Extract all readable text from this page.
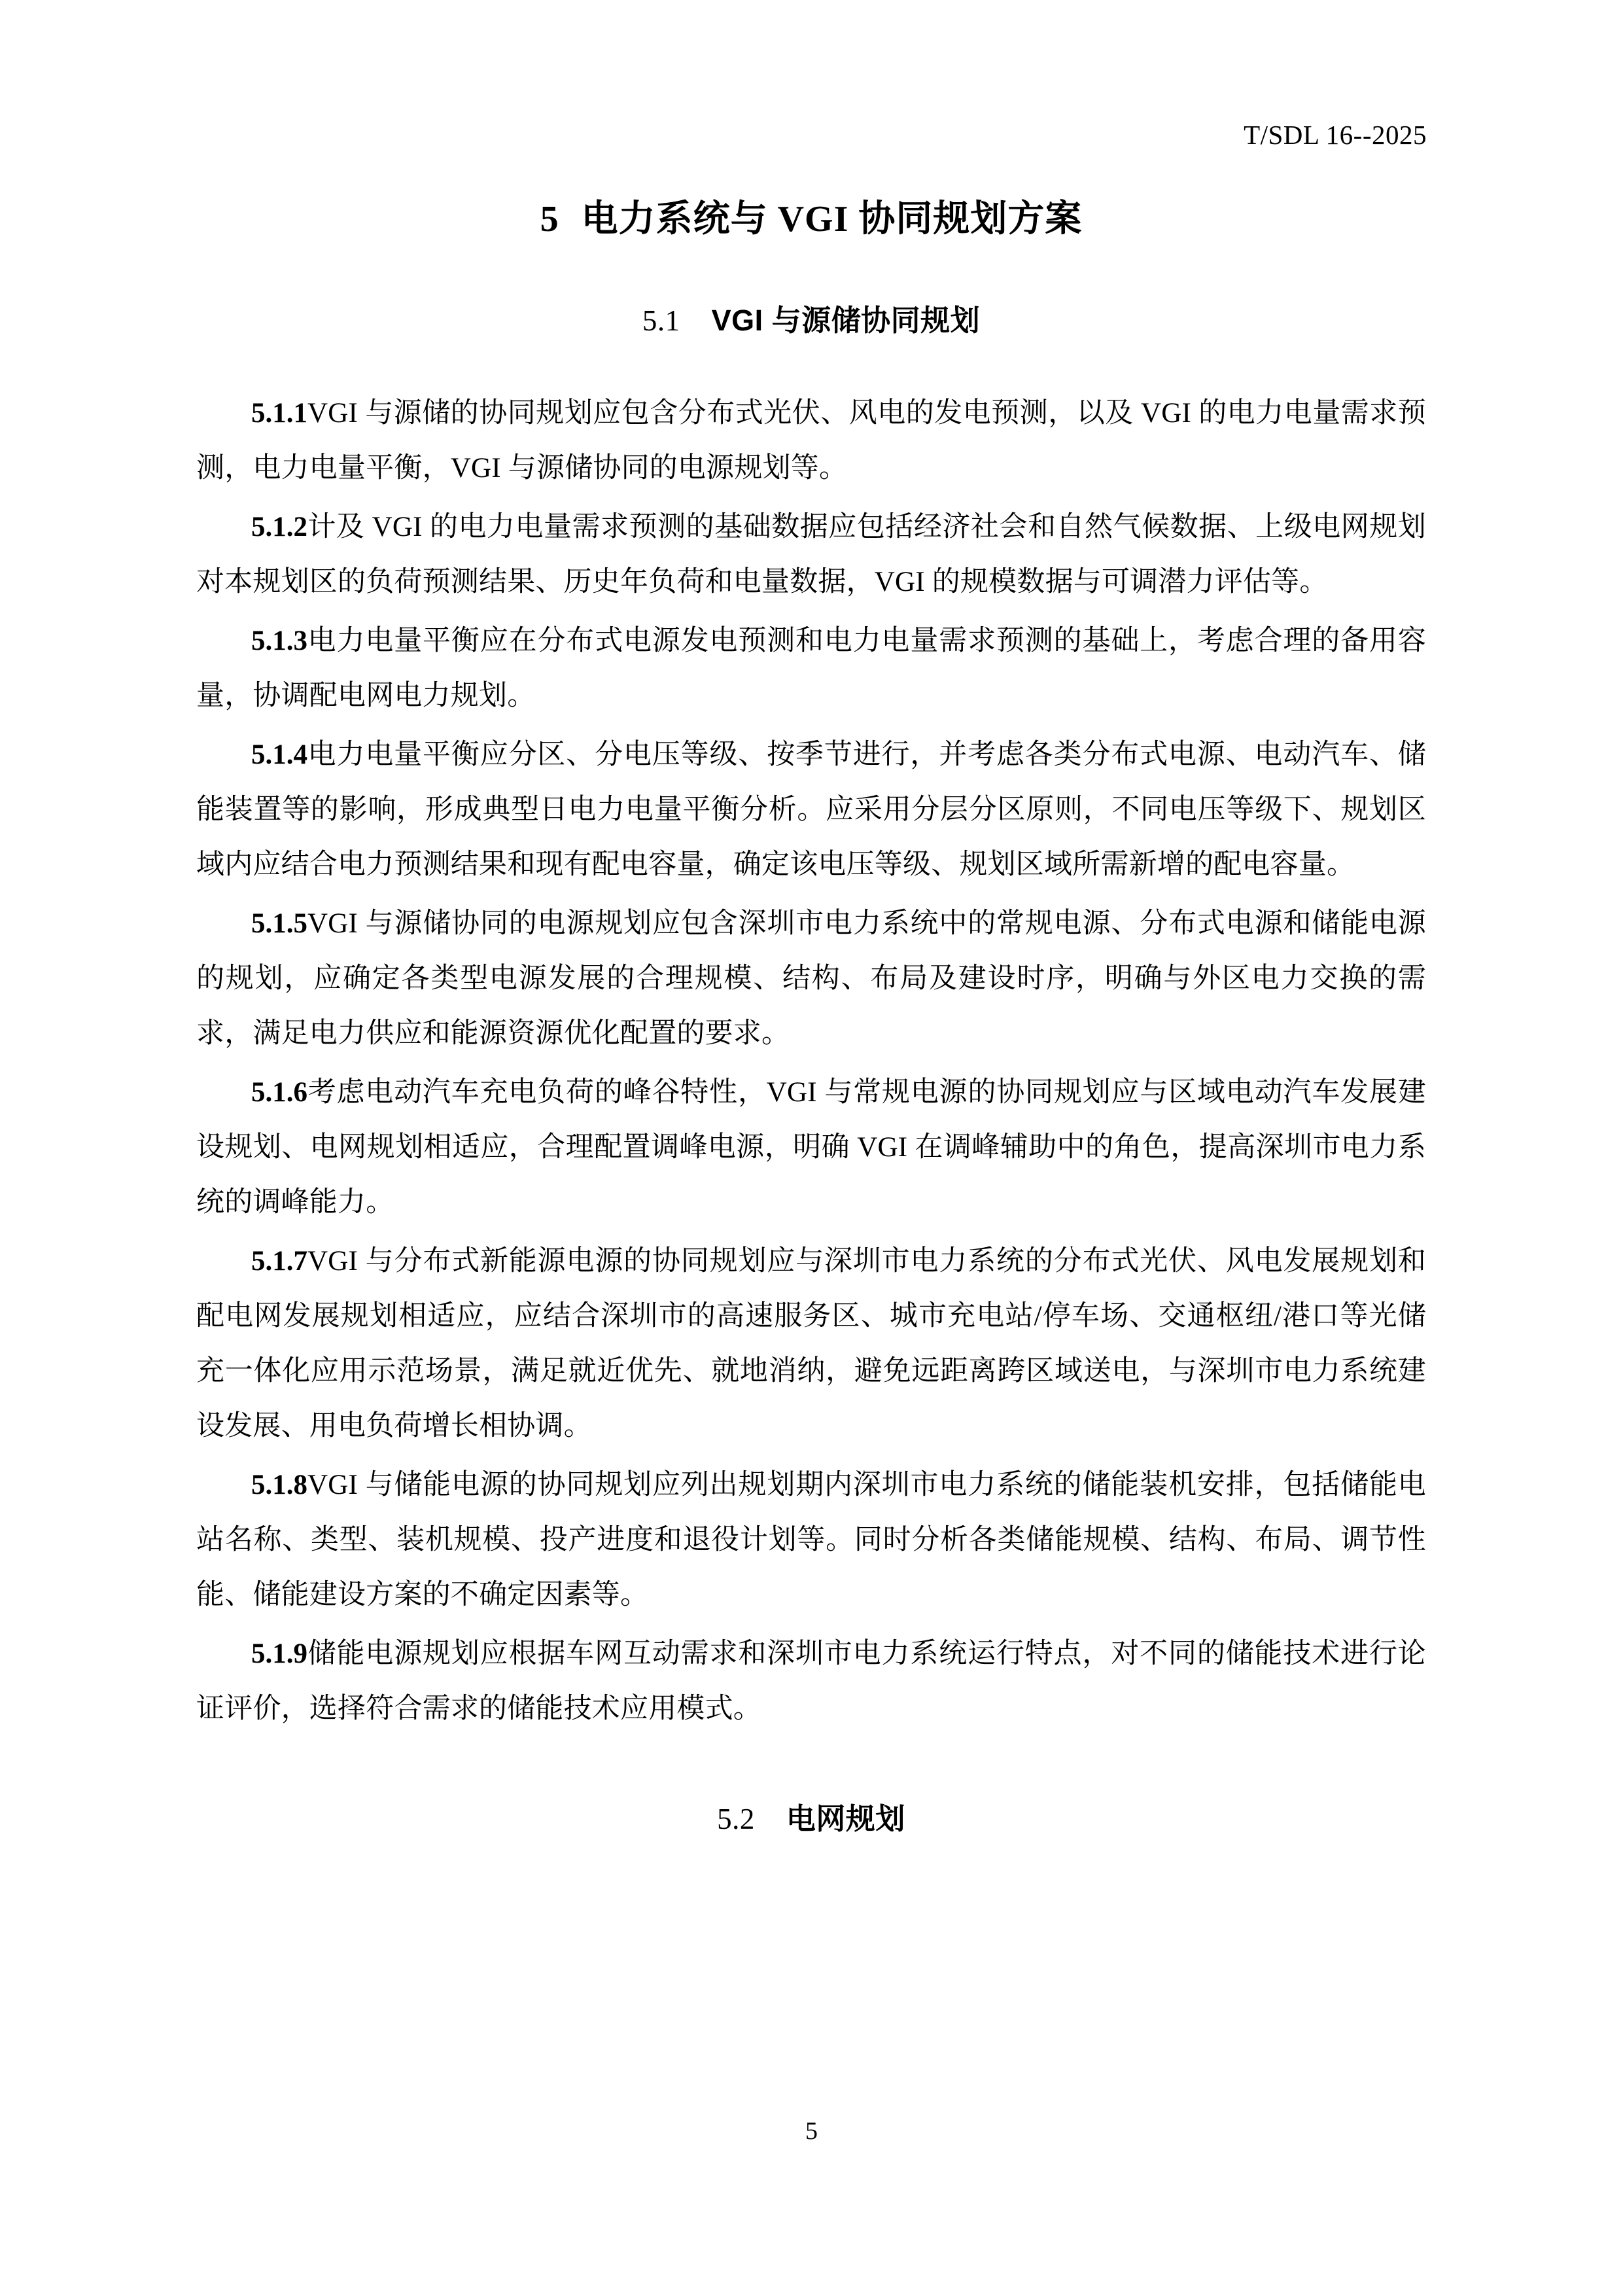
T/SDL 16--2025
5 电力系统与 VGI 协同规划方案
5.1 VGI 与源储协同规划

5.1.1VGI 与源储的协同规划应包含分布式光伏、风电的发电预测，以及 VGI 的电力电量需求预测，电力电量平衡，VGI 与源储协同的电源规划等。

5.1.2计及 VGI 的电力电量需求预测的基础数据应包括经济社会和自然气候数据、上级电网规划对本规划区的负荷预测结果、历史年负荷和电量数据，VGI 的规模数据与可调潜力评估等。

5.1.3电力电量平衡应在分布式电源发电预测和电力电量需求预测的基础上，考虑合理的备用容量，协调配电网电力规划。

5.1.4电力电量平衡应分区、分电压等级、按季节进行，并考虑各类分布式电源、电动汽车、储能装置等的影响，形成典型日电力电量平衡分析。应采用分层分区原则，不同电压等级下、规划区域内应结合电力预测结果和现有配电容量，确定该电压等级、规划区域所需新增的配电容量。

5.1.5VGI 与源储协同的电源规划应包含深圳市电力系统中的常规电源、分布式电源和储能电源的规划，应确定各类型电源发展的合理规模、结构、布局及建设时序，明确与外区电力交换的需求，满足电力供应和能源资源优化配置的要求。

5.1.6考虑电动汽车充电负荷的峰谷特性，VGI 与常规电源的协同规划应与区域电动汽车发展建设规划、电网规划相适应，合理配置调峰电源，明确 VGI 在调峰辅助中的角色，提高深圳市电力系统的调峰能力。

5.1.7VGI 与分布式新能源电源的协同规划应与深圳市电力系统的分布式光伏、风电发展规划和配电网发展规划相适应，应结合深圳市的高速服务区、城市充电站/停车场、交通枢纽/港口等光储充一体化应用示范场景，满足就近优先、就地消纳，避免远距离跨区域送电，与深圳市电力系统建设发展、用电负荷增长相协调。

5.1.8VGI 与储能电源的协同规划应列出规划期内深圳市电力系统的储能装机安排，包括储能电站名称、类型、装机规模、投产进度和退役计划等。同时分析各类储能规模、结构、布局、调节性能、储能建设方案的不确定因素等。

5.1.9储能电源规划应根据车网互动需求和深圳市电力系统运行特点，对不同的储能技术进行论证评价，选择符合需求的储能技术应用模式。

5.2 电网规划
5
